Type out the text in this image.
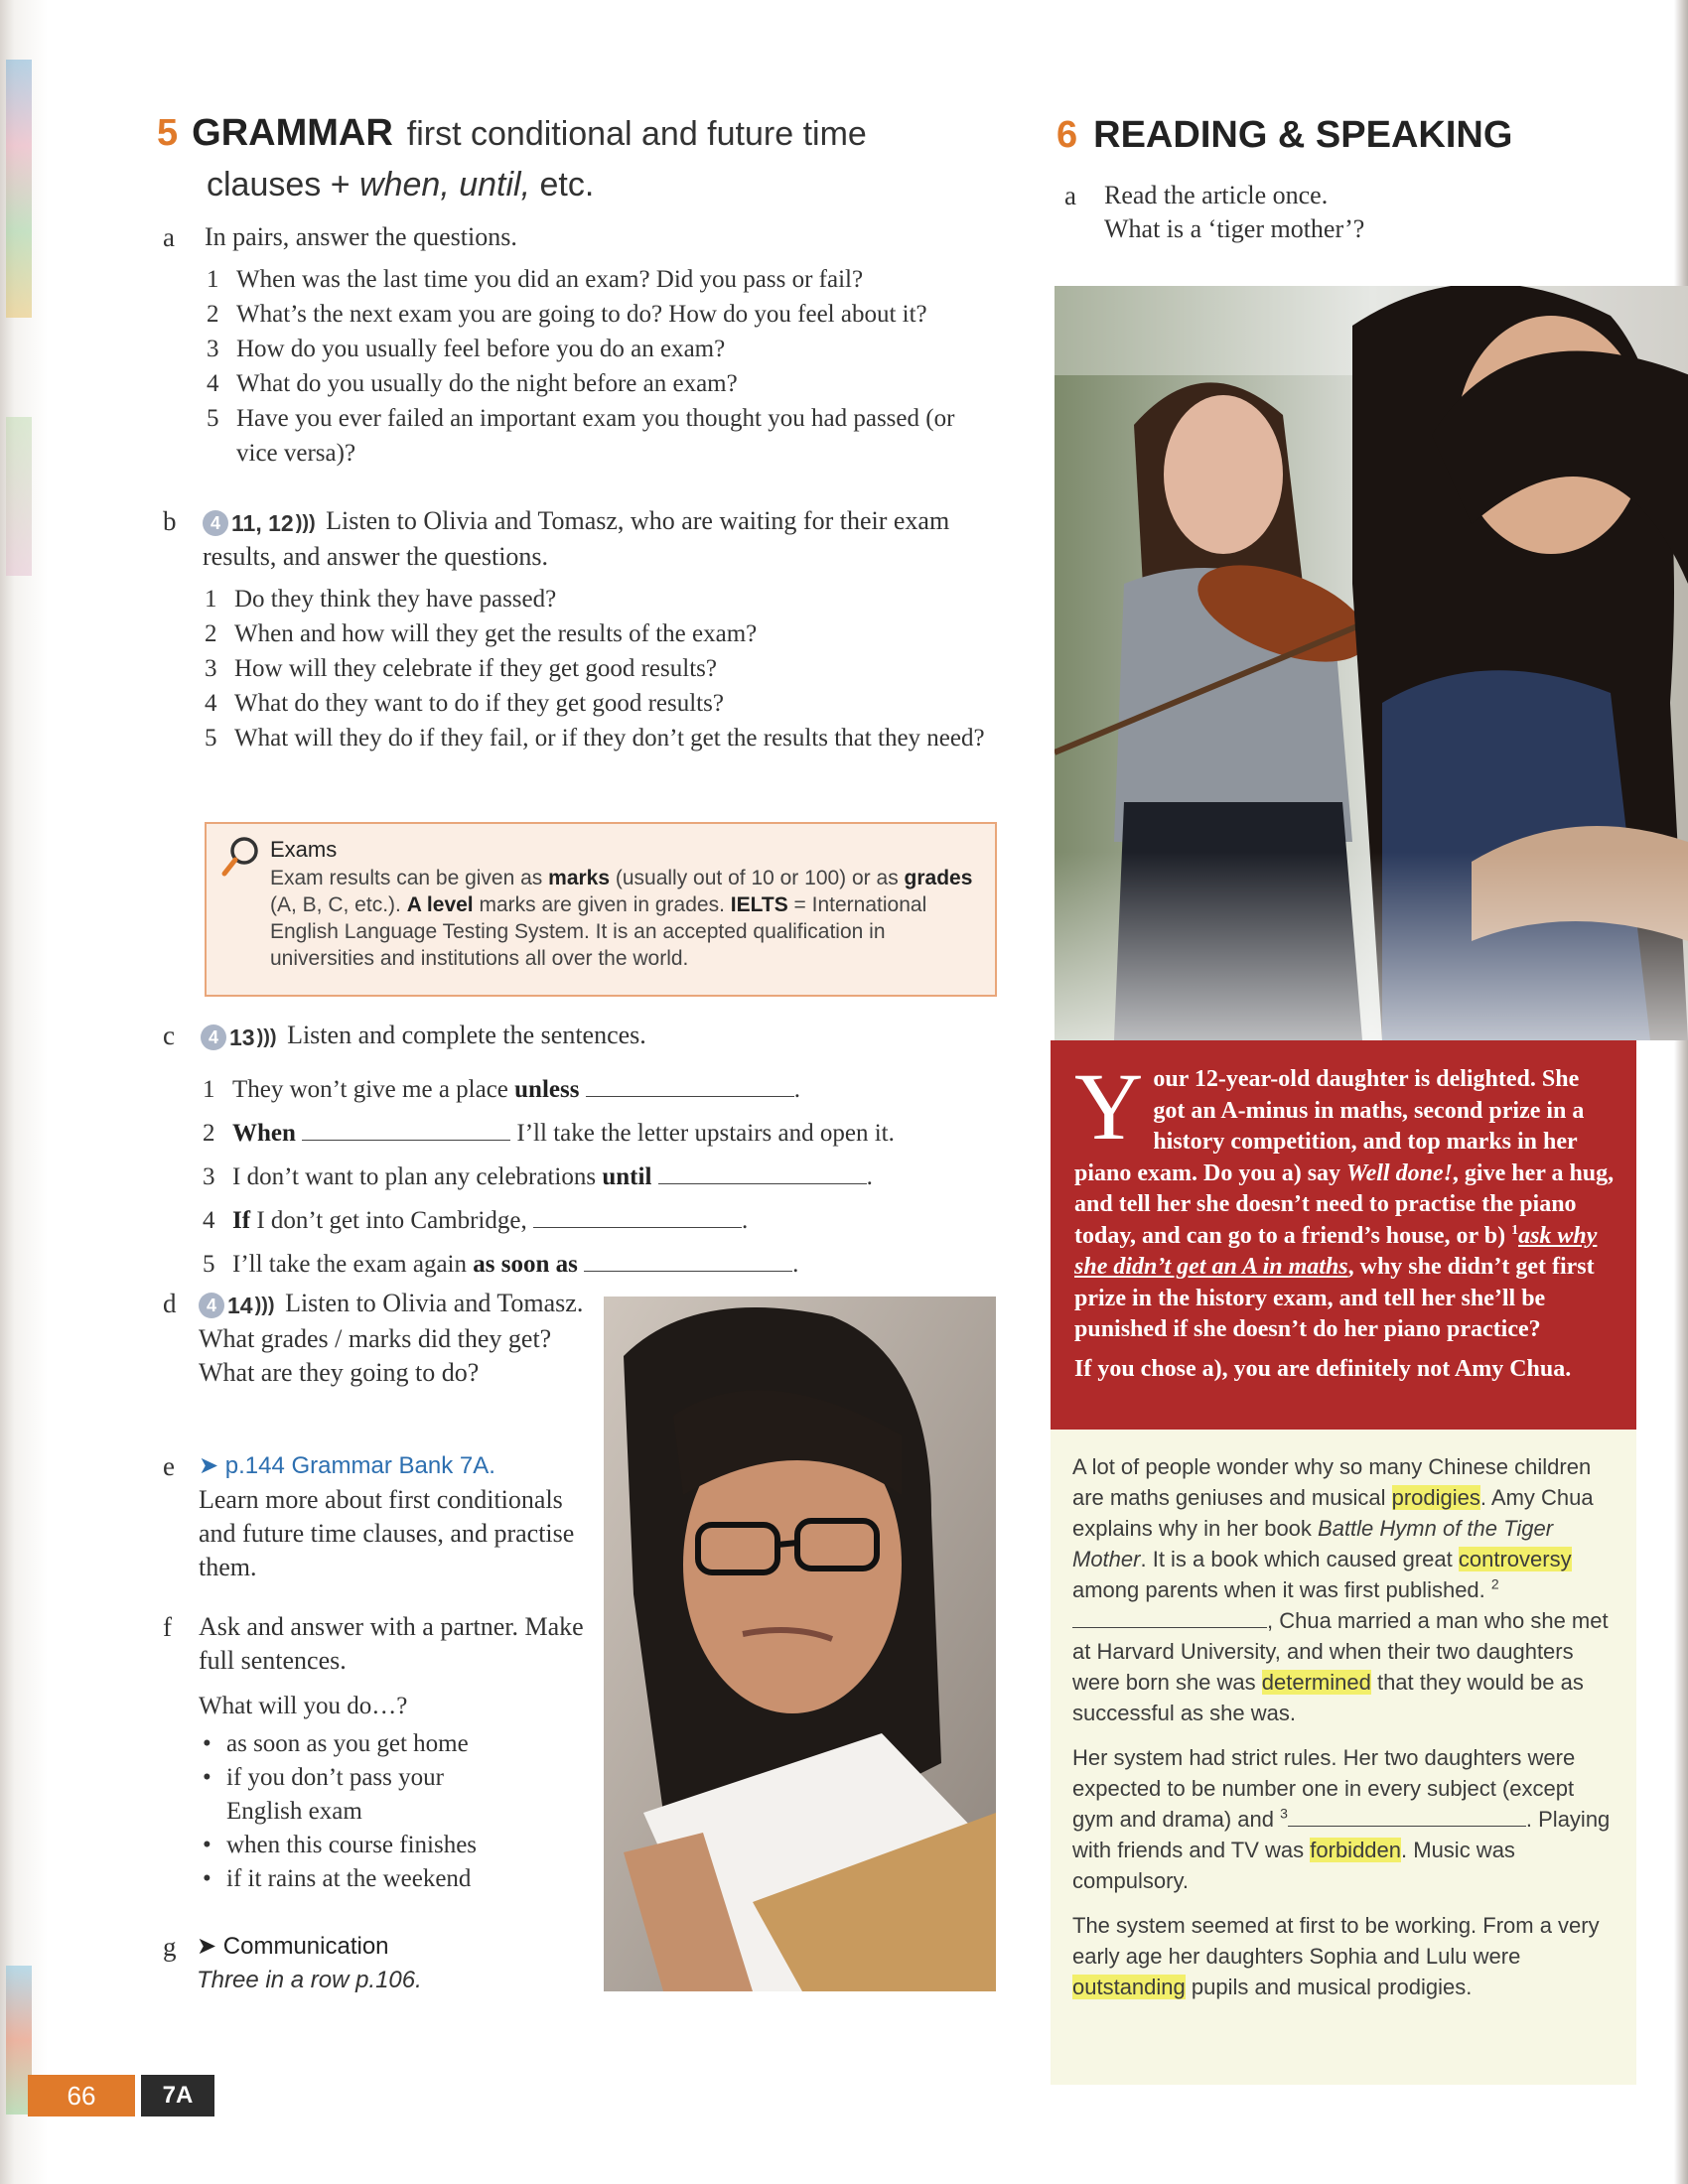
5 GRAMMAR first conditional and future time
clauses + when, until, etc.
a In pairs, answer the questions.
1 When was the last time you did an exam? Did you pass or fail?
2 What’s the next exam you are going to do? How do you feel about it?
3 How do you usually feel before you do an exam?
4 What do you usually do the night before an exam?
5 Have you ever failed an important exam you thought you had passed (or vice versa)?
b	4 11, 12 ))) Listen to Olivia and Tomasz, who are waiting for their exam results, and answer the questions.
1 Do they think they have passed?
2 When and how will they get the results of the exam?
3 How will they celebrate if they get good results?
4 What do they want to do if they get good results?
5 What will they do if they fail, or if they don’t get the results that they need?
Exams
Exam results can be given as marks (usually out of 10 or 100) or as grades (A, B, C, etc.). A level marks are given in grades. IELTS = International English Language Testing System. It is an accepted qualification in universities and institutions all over the world.
c	4 13 ))) Listen and complete the sentences.
1 They won’t give me a place unless	.
2 When	I’ll take the letter upstairs and open it.
3 I don’t want to plan any celebrations until	.
4 If I don’t get into Cambridge,	.
5 I’ll take the exam again as soon as	.
d	4 14 ))) Listen to Olivia and Tomasz. What grades / marks did they get? What are they going to do?
e ➤ p.144 Grammar Bank 7A.
Learn more about first conditionals and future time clauses, and practise them.
f Ask and answer with a partner. Make full sentences.
What will you do…?
• as soon as you get home
• if you don’t pass your English exam
• when this course finishes
• if it rains at the weekend
g ➤ Communication
Three in a row p.106.
6 READING & SPEAKING
a Read the article once.
What is a ‘tiger mother’?
Y our 12-year-old daughter is delighted. She got an A-minus in maths, second prize in a history competition, and top marks in her piano exam. Do you a) say Well done!, give her a hug, and tell her she doesn’t need to practise the piano today, and can go to a friend’s house, or b) $^1$ask why she didn’t get an A in maths, why she didn’t get first prize in the history exam, and tell her she’ll be punished if she doesn’t do her piano practice?
If you chose a), you are definitely not Amy Chua.

A lot of people wonder why so many Chinese children are maths geniuses and musical prodigies. Amy Chua explains why in her book Battle Hymn of the Tiger Mother. It is a book which caused great controversy among parents when it was first published. $^2$, Chua married a man who she met at Harvard University, and when their two daughters were born she was determined that they would be as successful as she was.

Her system had strict rules. Her two daughters were expected to be number one in every subject (except gym and drama) and $^3$	. Playing with friends and TV was forbidden. Music was compulsory.

The system seemed at first to be working. From a very early age her daughters Sophia and Lulu were outstanding pupils and musical prodigies.

66	7A
